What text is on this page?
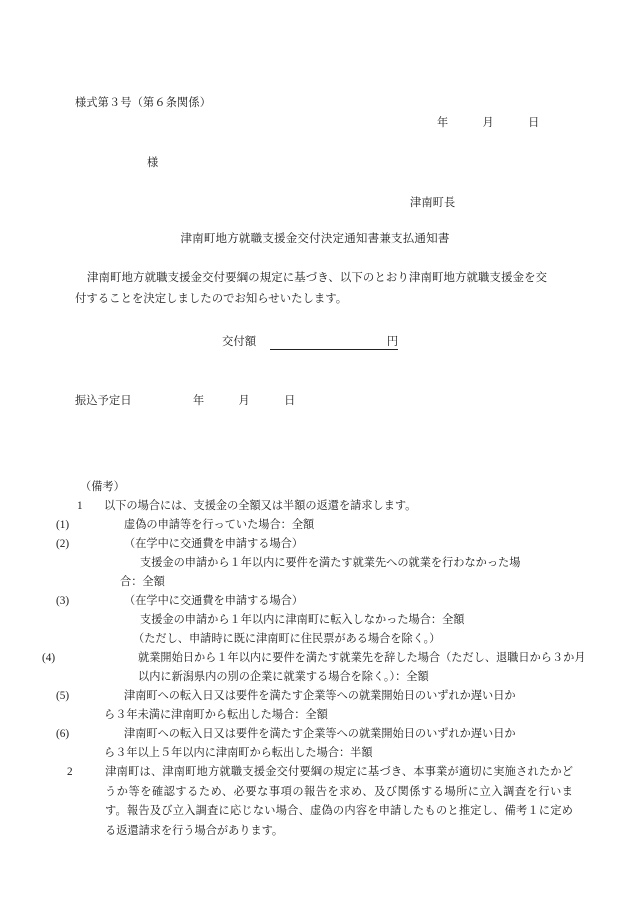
様式第３号（第６条関係）
年　　　月　　　日
様
津南町長
津南町地方就職支援金交付決定通知書兼支払通知書
津南町地方就職支援金交付要綱の規定に基づき、以下のとおり津南町地方就職支援金を交付することを決定しましたのでお知らせいたします。
交付額	円
振込予定日	年　　　月　　　日
（備考）
1 以下の場合には、支援金の全額又は半額の返還を請求します。
(1)	虚偽の申請等を行っていた場合：全額
(2)	（在学中に交通費を申請する場合）
支援金の申請から１年以内に要件を満たす就業先への就業を行わなかった場
合：全額
(3)	（在学中に交通費を申請する場合）
支援金の申請から１年以内に津南町に転入しなかった場合：全額
（ただし、申請時に既に津南町に住民票がある場合を除く。）
(4)	就業開始日から１年以内に要件を満たす就業先を辞した場合（ただし、退職日から３か月以内に新潟県内の別の企業に就業する場合を除く。）：全額
(5)	津南町への転入日又は要件を満たす企業等への就業開始日のいずれか遅い日か
ら３年未満に津南町から転出した場合：全額
(6)	津南町への転入日又は要件を満たす企業等への就業開始日のいずれか遅い日か
ら３年以上５年以内に津南町から転出した場合：半額
2	津南町は、津南町地方就職支援金交付要綱の規定に基づき、本事業が適切に実施されたかどうか等を確認するため、必要な事項の報告を求め、及び関係する場所に立入調査を行います。報告及び立入調査に応じない場合、虚偽の内容を申請したものと推定し、備考１に定める返還請求を行う場合があります。
